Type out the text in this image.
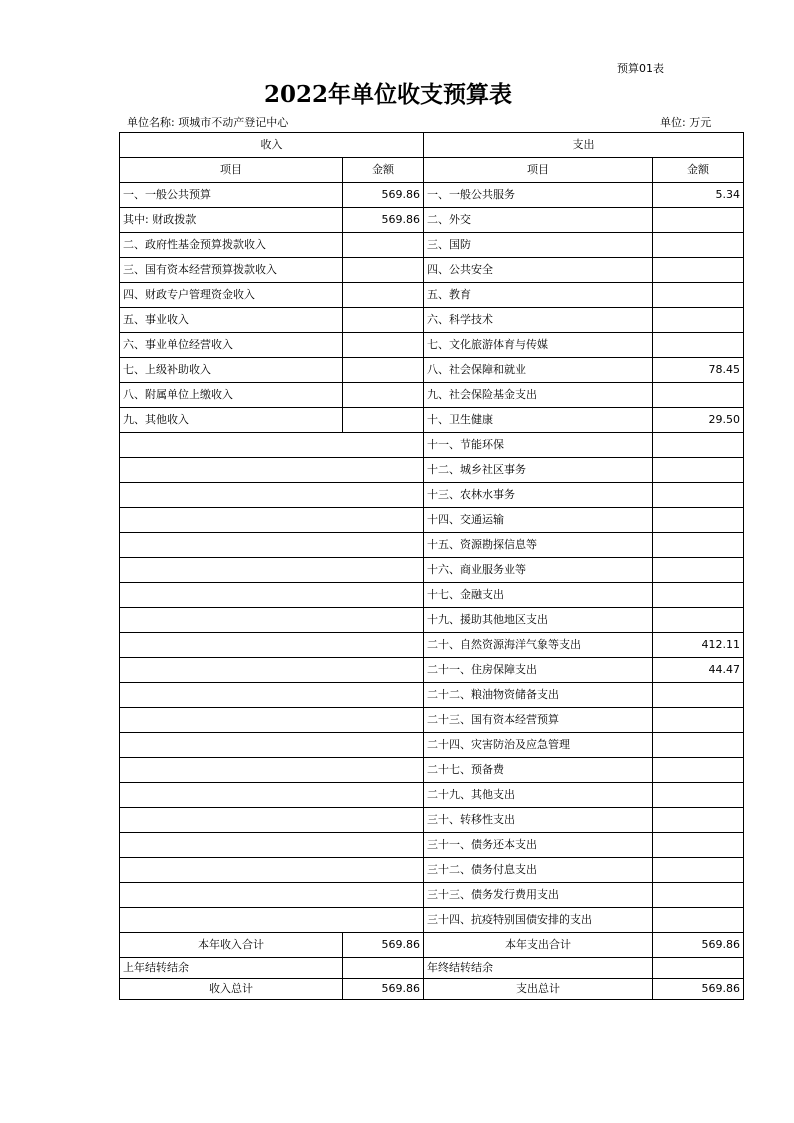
预算01表
2022年单位收支预算表
单位名称: 项城市不动产登记中心	单位: 万元
收入		支出	
项目	金额	项目	金额
一、一般公共预算	569.86	一、一般公共服务	5.34
其中: 财政拨款	569.86	二、外交	
二、政府性基金预算拨款收入		三、国防	
三、国有资本经营预算拨款收入		四、公共安全	
四、财政专户管理资金收入		五、教育	
五、事业收入		六、科学技术	
六、事业单位经营收入		七、文化旅游体育与传媒	
七、上级补助收入		八、社会保障和就业	78.45
八、附属单位上缴收入		九、社会保险基金支出	
九、其他收入		十、卫生健康	29.50
		十一、节能环保	
		十二、城乡社区事务	
		十三、农林水事务	
		十四、交通运输	
		十五、资源勘探信息等	
		十六、商业服务业等	
		十七、金融支出	
		十九、援助其他地区支出	
		二十、自然资源海洋气象等支出	412.11
		二十一、住房保障支出	44.47
		二十二、粮油物资储备支出	
		二十三、国有资本经营预算	
		二十四、灾害防治及应急管理	
		二十七、预备费	
		二十九、其他支出	
		三十、转移性支出	
		三十一、债务还本支出	
		三十二、债务付息支出	
		三十三、债务发行费用支出	
		三十四、抗疫特别国债安排的支出	
本年收入合计	569.86	本年支出合计	569.86
上年结转结余		年终结转结余	
收入总计	569.86	支出总计	569.86
